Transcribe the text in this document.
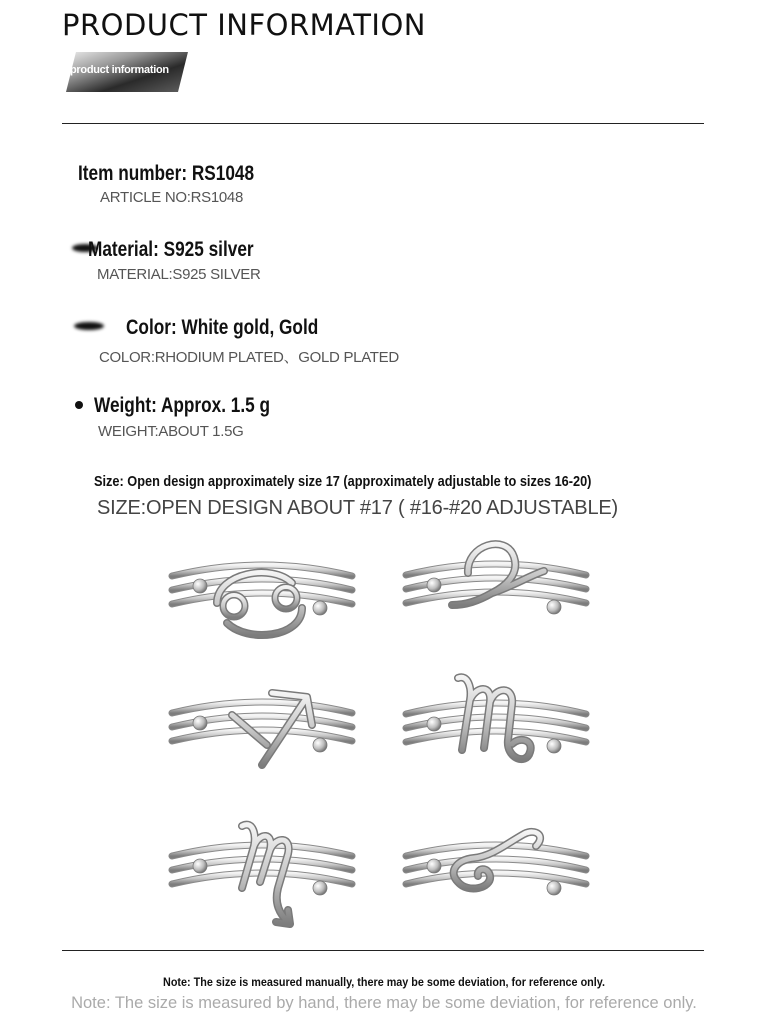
PRODUCT INFORMATION
product information
Item number: RS1048
ARTICLE NO:RS1048
Material: S925 silver
MATERIAL:S925 SILVER
Color: White gold, Gold
COLOR:RHODIUM PLATED、GOLD PLATED
Weight: Approx. 1.5 g
WEIGHT:ABOUT 1.5G
Size: Open design approximately size 17 (approximately adjustable to sizes 16-20)
SIZE:OPEN DESIGN ABOUT #17 ( #16-#20 ADJUSTABLE)
Note: The size is measured manually, there may be some deviation, for reference only.
Note: The size is measured by hand, there may be some deviation, for reference only.
